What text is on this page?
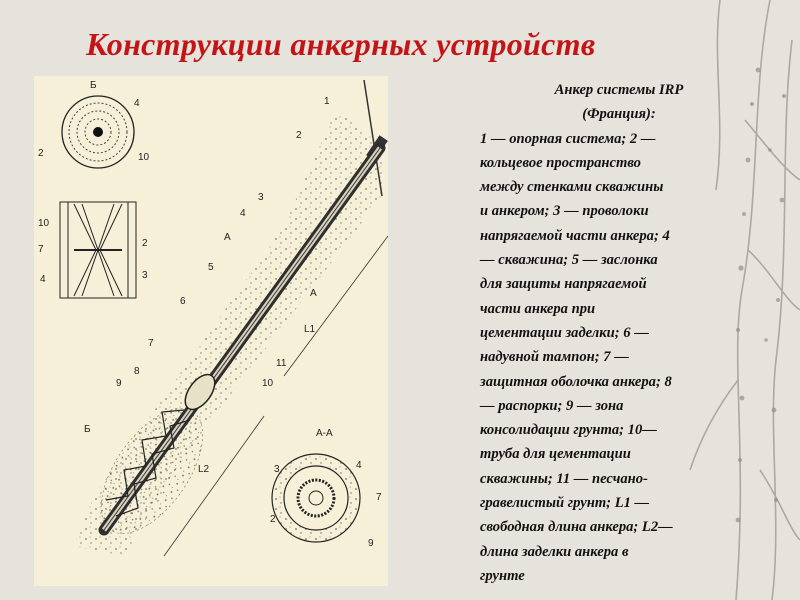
Конструкции анкерных устройств
Б
4
2	10
10
7
4
2
3
1
2
3
4
А
5
6
А
L1
11
7
8
9	10
Б	А-А
L2	3	4
7
2
9
Анкер системы IRP
(Франция):
1 — опорная система; 2 —
кольцевое пространство
между стенками скважины
и анкером; 3 — проволоки
напрягаемой части анкера; 4
— скважина; 5 — заслонка
для защиты напрягаемой
части анкера при
цементации заделки; 6 —
надувной тампон; 7 —
защитная оболочка анкера; 8
— распорки; 9 — зона
консолидации грунта; 10—
труба для цементации
скважины; 11 — песчано-
гравелистый грунт; L1 —
свободная длина анкера; L2—
длина заделки анкера в
грунте
